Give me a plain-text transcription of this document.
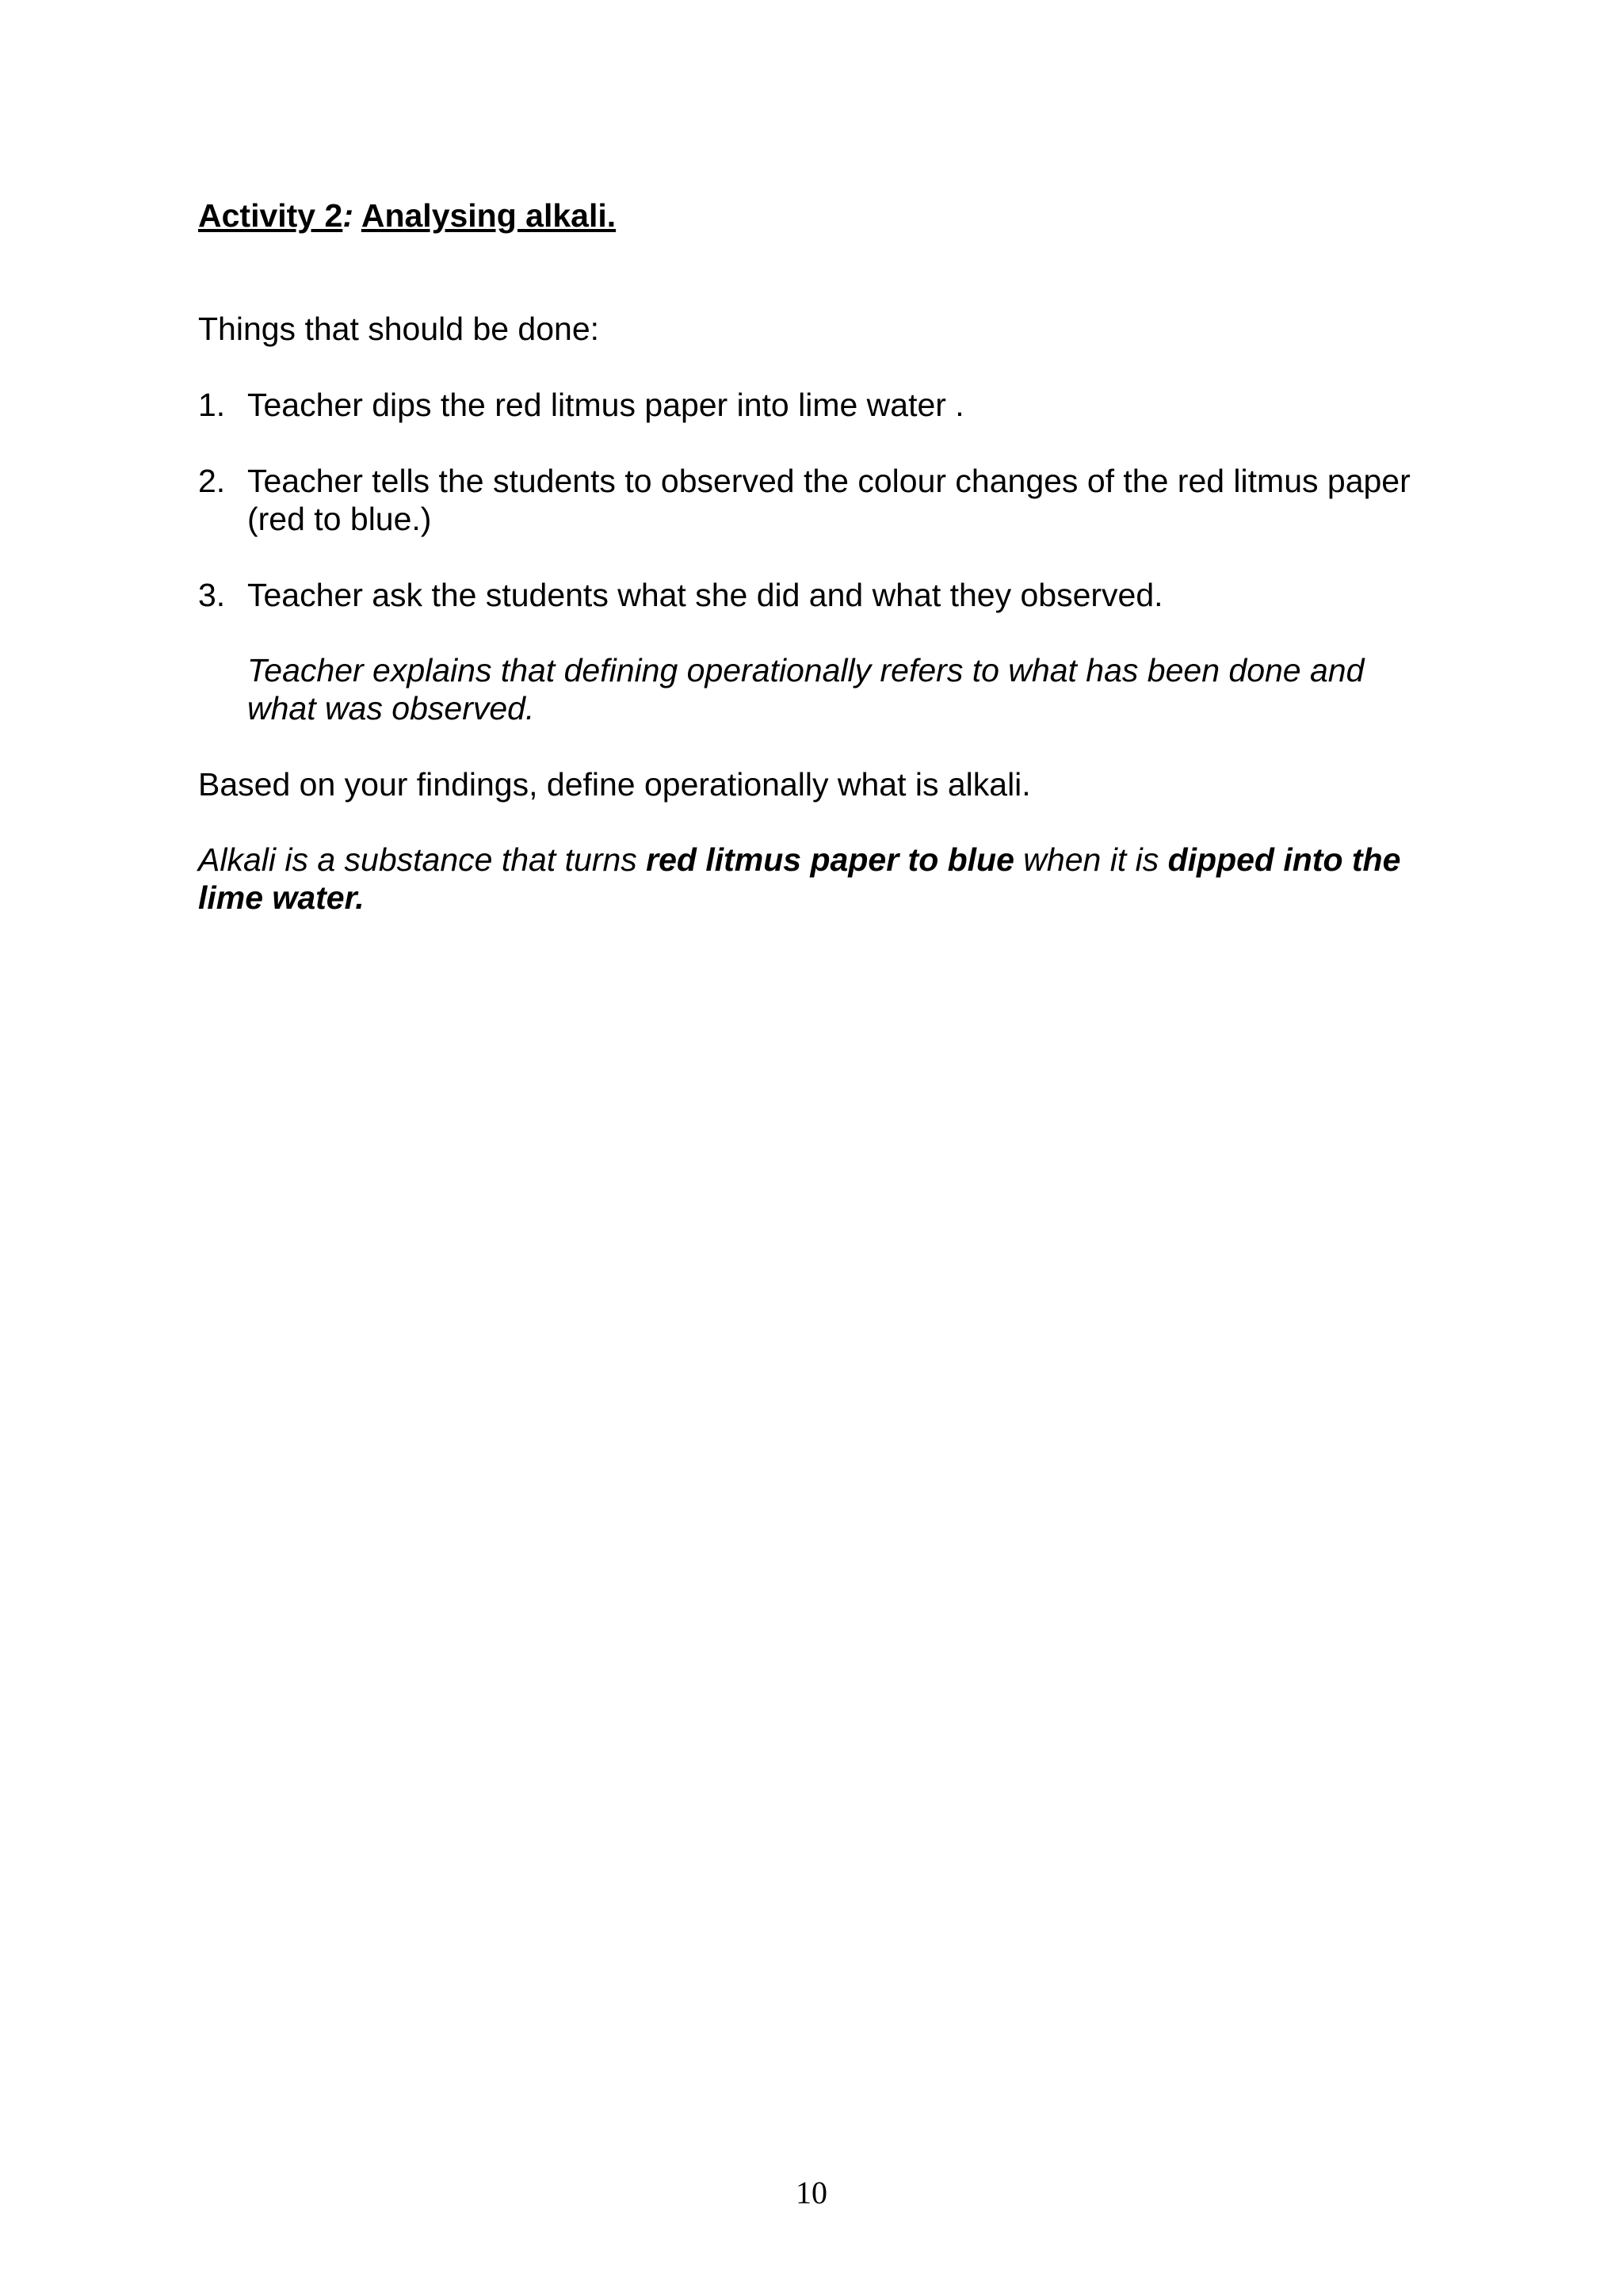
Activity 2: Analysing alkali.

Things that should be done:

1. Teacher dips the red litmus paper into lime water .
2. Teacher tells the students to observed the colour changes of the red litmus paper (red to blue.)
3. Teacher ask the students what she did and what they observed.

Teacher explains that defining operationally refers to what has been done and what was observed.

Based on your findings, define operationally what is alkali.

Alkali is a substance that turns red litmus paper to blue when it is dipped into the lime water.

10
